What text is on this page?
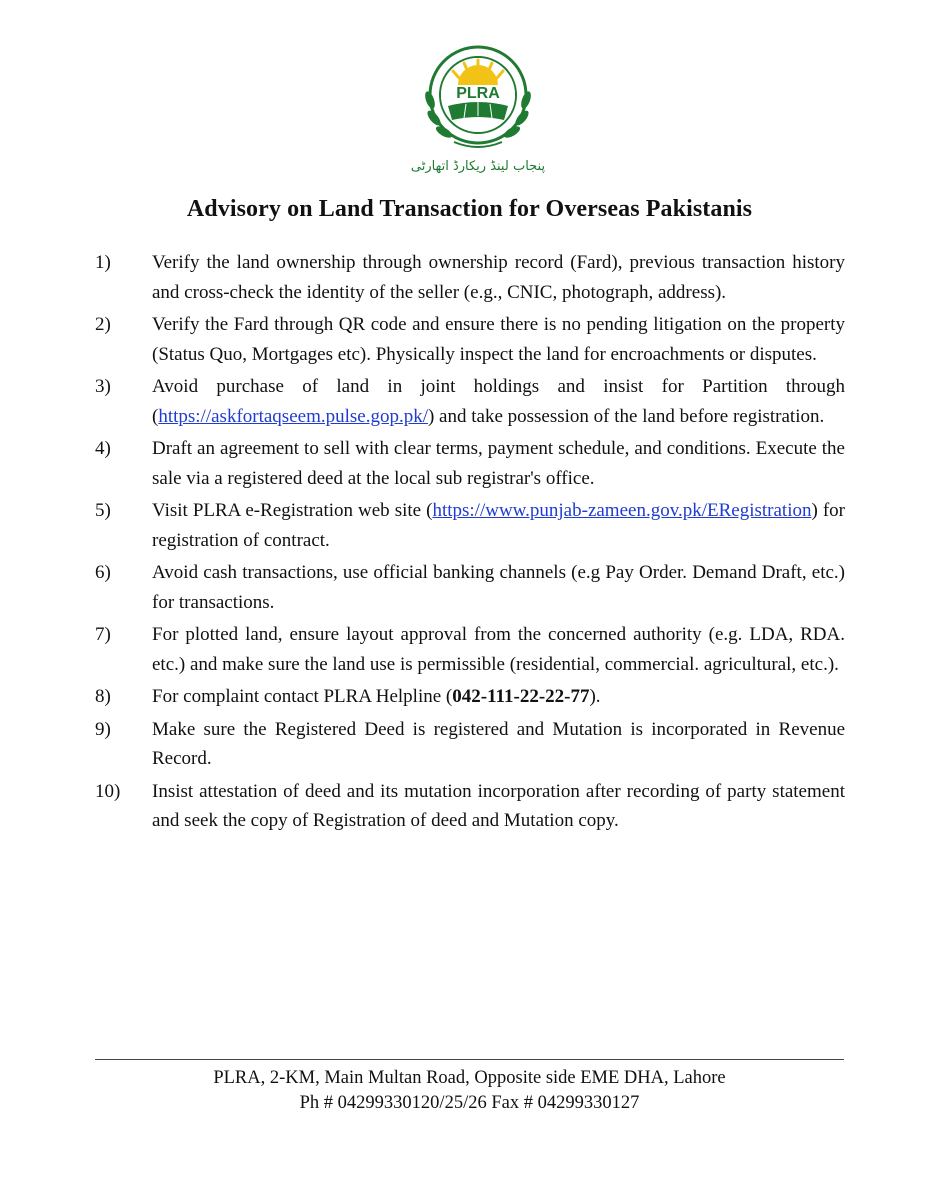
PLRA
پنجاب لینڈ ریکارڈ اتھارٹی
Advisory on Land Transaction for Overseas Pakistanis
1)	Verify the land ownership through ownership record (Fard), previous transaction history and cross-check the identity of the seller (e.g., CNIC, photograph, address).
2)	Verify the Fard through QR code and ensure there is no pending litigation on the property (Status Quo, Mortgages etc). Physically inspect the land for encroachments or disputes.
3)	Avoid purchase of land in joint holdings and insist for Partition through (https://askfortaqseem.pulse.gop.pk/) and take possession of the land before registration.
4)	Draft an agreement to sell with clear terms, payment schedule, and conditions. Execute the sale via a registered deed at the local sub registrar's office.
5)	Visit PLRA e-Registration web site (https://www.punjab-zameen.gov.pk/ERegistration) for registration of contract.
6)	Avoid cash transactions, use official banking channels (e.g Pay Order. Demand Draft, etc.) for transactions.
7)	For plotted land, ensure layout approval from the concerned authority (e.g. LDA, RDA. etc.) and make sure the land use is permissible (residential, commercial. agricultural, etc.).
8)	For complaint contact PLRA Helpline (042-111-22-22-77).
9)	Make sure the Registered Deed is registered and Mutation is incorporated in Revenue Record.
10)	Insist attestation of deed and its mutation incorporation after recording of party statement and seek the copy of Registration of deed and Mutation copy.
PLRA, 2-KM, Main Multan Road, Opposite side EME DHA, Lahore
Ph # 04299330120/25/26 Fax # 04299330127
